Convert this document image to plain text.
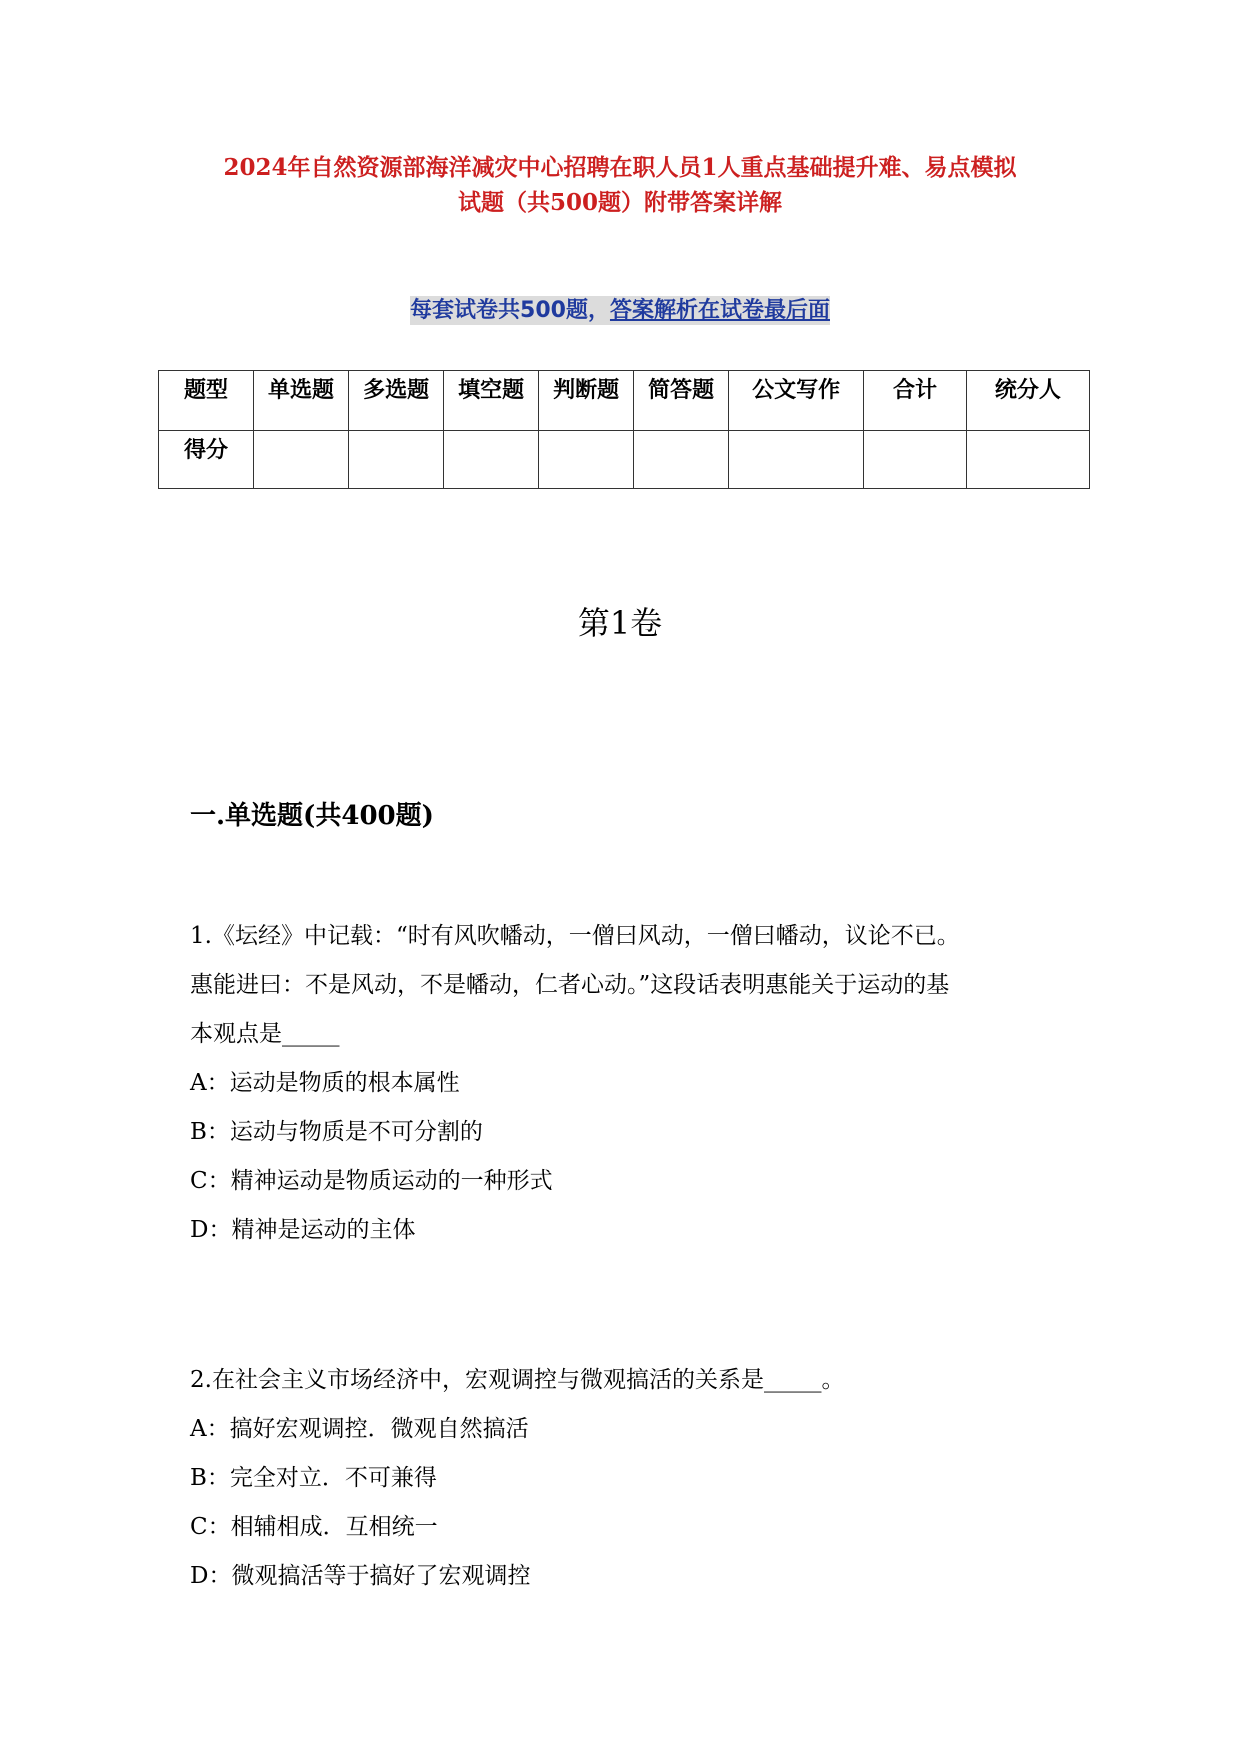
2024年自然资源部海洋减灾中心招聘在职人员1人重点基础提升难、易点模拟
试题（共500题）附带答案详解
每套试卷共500题，答案解析在试卷最后面
题型	单选题	多选题	填空题	判断题	简答题	公文写作	合计	统分人
得分								
第1卷
一.单选题(共400题)

1.《坛经》中记载：“时有风吹幡动，一僧曰风动，一僧曰幡动，议论不已。

惠能进曰：不是风动，不是幡动，仁者心动。”这段话表明惠能关于运动的基

本观点是_____

A：运动是物质的根本属性

B：运动与物质是不可分割的

C：精神运动是物质运动的一种形式

D：精神是运动的主体

2.在社会主义市场经济中，宏观调控与微观搞活的关系是_____。

A：搞好宏观调控．微观自然搞活

B：完全对立．不可兼得

C：相辅相成．互相统一

D：微观搞活等于搞好了宏观调控
